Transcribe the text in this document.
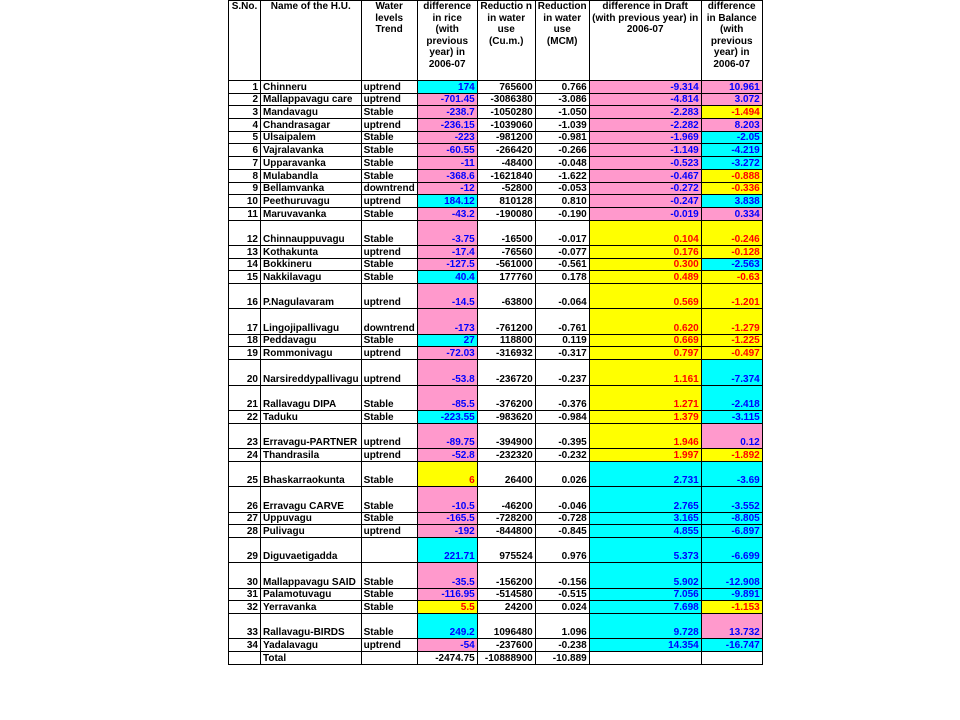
S.No.	Name of the H.U.	Water levels Trend	difference in rice (with previous year) in 2006-07	Reductio n in water use (Cu.m.)	Reduction in water use (MCM)	difference in Draft (with previous year) in 2006-07	difference in Balance (with previous year) in 2006-07
1	Chinneru	uptrend	174	765600	0.766	-9.314	10.961
2	Mallappavagu care	uptrend	-701.45	-3086380	-3.086	-4.814	3.072
3	Mandavagu	Stable	-238.7	-1050280	-1.050	-2.283	-1.494
4	Chandrasagar	uptrend	-236.15	-1039060	-1.039	-2.282	8.203
5	Ulsaipalem	Stable	-223	-981200	-0.981	-1.969	-2.05
6	Vajralavanka	Stable	-60.55	-266420	-0.266	-1.149	-4.219
7	Upparavanka	Stable	-11	-48400	-0.048	-0.523	-3.272
8	Mulabandla	Stable	-368.6	-1621840	-1.622	-0.467	-0.888
9	Bellamvanka	downtrend	-12	-52800	-0.053	-0.272	-0.336
10	Peethuruvagu	uptrend	184.12	810128	0.810	-0.247	3.838
11	Maruvavanka	Stable	-43.2	-190080	-0.190	-0.019	0.334
12	Chinnauppuvagu	Stable	-3.75	-16500	-0.017	0.104	-0.246
13	Kothakunta	uptrend	-17.4	-76560	-0.077	0.176	-0.128
14	Bokkineru	Stable	-127.5	-561000	-0.561	0.300	-2.563
15	Nakkilavagu	Stable	40.4	177760	0.178	0.489	-0.63
16	P.Nagulavaram	uptrend	-14.5	-63800	-0.064	0.569	-1.201
17	Lingojipallivagu	downtrend	-173	-761200	-0.761	0.620	-1.279
18	Peddavagu	Stable	27	118800	0.119	0.669	-1.225
19	Rommonivagu	uptrend	-72.03	-316932	-0.317	0.797	-0.497
20	Narsireddypallivagu	uptrend	-53.8	-236720	-0.237	1.161	-7.374
21	Rallavagu DIPA	Stable	-85.5	-376200	-0.376	1.271	-2.418
22	Taduku	Stable	-223.55	-983620	-0.984	1.379	-3.115
23	Erravagu-PARTNER	uptrend	-89.75	-394900	-0.395	1.946	0.12
24	Thandrasila	uptrend	-52.8	-232320	-0.232	1.997	-1.892
25	Bhaskarraokunta	Stable	6	26400	0.026	2.731	-3.69
26	Erravagu CARVE	Stable	-10.5	-46200	-0.046	2.765	-3.552
27	Uppuvagu	Stable	-165.5	-728200	-0.728	3.165	-8.805
28	Pulivagu	uptrend	-192	-844800	-0.845	4.855	-6.897
29	Diguvaetigadda		221.71	975524	0.976	5.373	-6.699
30	Mallappavagu SAID	Stable	-35.5	-156200	-0.156	5.902	-12.908
31	Palamotuvagu	Stable	-116.95	-514580	-0.515	7.056	-9.891
32	Yerravanka	Stable	5.5	24200	0.024	7.698	-1.153
33	Rallavagu-BIRDS	Stable	249.2	1096480	1.096	9.728	13.732
34	Yadalavagu	uptrend	-54	-237600	-0.238	14.354	-16.747
	Total		-2474.75	-10888900	-10.889		
